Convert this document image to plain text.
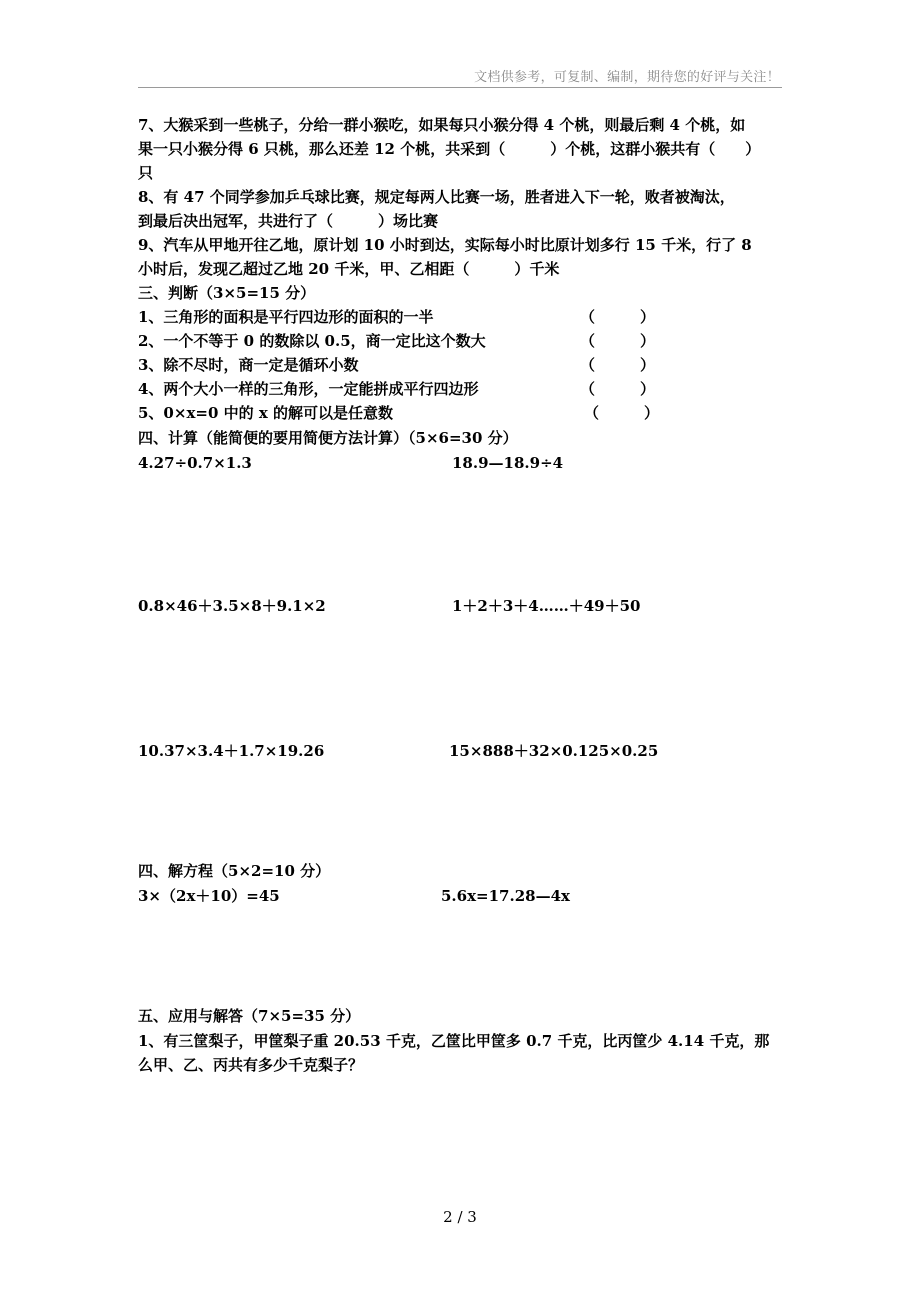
文档供参考，可复制、编制，期待您的好评与关注！
7、大猴采到一些桃子，分给一群小猴吃，如果每只小猴分得 4 个桃，则最后剩 4 个桃，如
果一只小猴分得 6 只桃，那么还差 12 个桃，共采到（　　　）个桃，这群小猴共有（　　）
只
8、有 47 个同学参加乒乓球比赛，规定每两人比赛一场，胜者进入下一轮，败者被淘汰，
到最后决出冠军，共进行了（　　　）场比赛
9、汽车从甲地开往乙地，原计划 10 小时到达，实际每小时比原计划多行 15 千米，行了 8
小时后，发现乙超过乙地 20 千米，甲、乙相距（　　　）千米
三、判断（3×5=15 分）
1、三角形的面积是平行四边形的面积的一半	（　　　）
2、一个不等于 0 的数除以 0.5，商一定比这个数大	（　　　）
3、除不尽时，商一定是循环小数	（　　　）
4、两个大小一样的三角形，一定能拼成平行四边形	（　　　）
5、0×x=0 中的 x 的解可以是任意数	（　　　）
四、计算（能简便的要用简便方法计算）（5×6=30 分）
4.27÷0.7×1.3	18.9—18.9÷4
0.8×46＋3.5×8＋9.1×2	1＋2＋3＋4……＋49＋50
10.37×3.4＋1.7×19.26	15×888＋32×0.125×0.25
四、解方程（5×2=10 分）
3×（2x＋10）=45	5.6x=17.28—4x
五、应用与解答（7×5=35 分）
1、有三筐梨子，甲筐梨子重 20.53 千克，乙筐比甲筐多 0.7 千克，比丙筐少 4.14 千克，那
么甲、乙、丙共有多少千克梨子？
2 / 3
